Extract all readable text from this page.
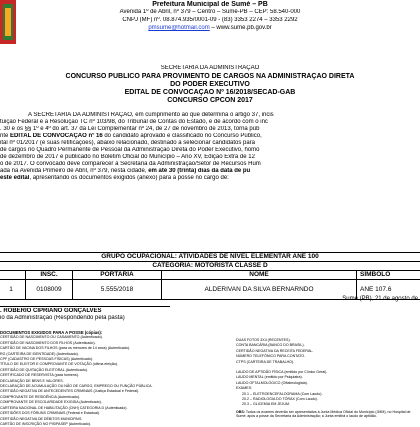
Prefeitura Municipal de Sumé – PB
Avenida 1º de Abril, nº 379 – Centro – Sumé-PB – CEP: 58.540-000
CNPJ (MF) nº. 08.874.935/0001-09 - (83) 3353 2274 – 3353 2292
pmsume@hotmail.com – www.sume.pb.gov.br
SECRETARIA DA ADMINISTRAÇÃO
CONCURSO PÚBLICO PARA PROVIMENTO DE CARGOS NA ADMINISTRAÇÃO DIRETA
DO PODER EXECUTIVO
EDITAL DE CONVOCAÇÃO Nº 16/2018/SECAD-GAB
CONCURSO CPCON 2017
A SECRETARIA DA ADMINISTRAÇÃO, em cumprimento ao que determina o artigo 37, incis
tuição Federal e a Resolução TC nº 103/98, do Tribunal de Contas do Estado, e de acordo com o inc
. 30 e os §§ 1º e 4º do art. 37 da Lei Complementar nº 24, de 27 de novembro de 2013, torna púb
nte EDITAL DE CONVOCAÇÃO nº 16 do candidato aprovado e classificado no Concurso Público,
ital nº 01/2017 (e suas retificações), abaixo relacionado, destinado a selecionar candidatos para
de cargos no Quadro Permanente de Pessoal da Administração Direta do Poder Executivo, homo
de dezembro de 2017 e publicado no Boletim Oficial do Município – Ano XV, Edição Extra de 12
o de 2017. O convocado deve comparecer à Secretaria da Administração/Setor de Recursos Hum
ada na Avenida Primeiro de Abril, nº 379, nesta cidade, em até 30 (trinta) dias da data de pu
este edital, apresentando os documentos exigidos (anexo) para a posse no cargo de:
GRUPO OCUPACIONAL: ATIVIDADES DE NÍVEL ELEMENTAR ANE 100				
CATEGORIA: MOTORISTA CLASSE D				
	INSC.	PORTARIA	NOME	SÍMBOLO
1	0108009	5.555/2018	ALDERIVAN DA SILVA BERNARNDO	ANE 107.6
Sumé (PB), 21 de agosto de
. ROBÉRIO CIPRIANO GONÇALVES
io da Administração (Respondendo pela pasta)
DOCUMENTOS EXIGIDOS PARA A POSSE (cópias):
CERTIDÃO DE NASCIMENTO OU CASAMENTO (Autenticado).
CERTIDÃO DE NASCIMENTO DOS FILHOS (Autenticado).
CARTÃO DE VACINA DOS FILHOS (para os menores de 14 anos) (Autenticado).
RG (CARTEIRA DE IDENTIDADE) (Autenticado).
CPF (CADASTRO DE PESSOAS FÍSICAS) (Autenticado).
TÍTULO DE ELEITOR E COMPROVANTE DE VOTAÇÃO (última eleição).
CERTIDÃO DE QUITAÇÃO ELEITORAL (Autenticado).
CERTIFICADO DE RESERVISTA (para homens).
DECLARAÇÃO DE BENS E VALORES.
DECLARAÇÃO DE ACUMULAÇÃO OU NÃO DE CARGO, EMPREGO OU FUNÇÃO PÚBLICA.
CERTIDÃO NEGATIVA DE ANTECEDENTES CRIMINAIS (Justiça Estadual e Federal).
COMPROVANTE DE RESIDÊNCIA (Autenticado).
COMPROVANTE DE ESCOLARIDADE EXIGIDA (Autenticado).
CARTEIRA NACIONAL DE HABILITAÇÃO (CNH) CATEGORIA D (Autenticado).
CERTIDÕES DOS FÓRUNS CRIMINAIS (Federal e Estadual).
CERTIDÃO NEGATIVA DE DÉBITOS MUNICIPAIS.
CARTÃO DE INSCRIÇÃO NO PIS/PASEP (Autenticado).
DUAS FOTOS 3X4 (RECENTES).
CONTA BANCÁRIA (BANCO DO BRASIL).
CERTIDÃO NEGATIVA DA RECEITA FEDERAL.
NÚMERO TELEFÔNICO PARA CONTATO.
CTPS (CARTEIRA DE TRABALHO).
LAUDO DE APTIDÃO FÍSICA (emitido por Clínico Geral).
LAUDO MENTAL (emitido por Psiquiatra).
LAUDO OFTALMOLÓGICO (Oftalmologista).
EXAMES:
20.1 – ELETROENCEFALOGRAMA (Com Laudo).
20.2 – RADIOLOGIA DO TÓRAX (Com Laudo).
20.3 – GLICEMIA EM JEJUM.
OBS: Todos os exames deverão ser apresentados à Junta Médica Oficial do Município (JMM), no Hospital de Sumé; após a posse da Secretaria da Administração; a Junta emitirá o laudo de aptidão.
